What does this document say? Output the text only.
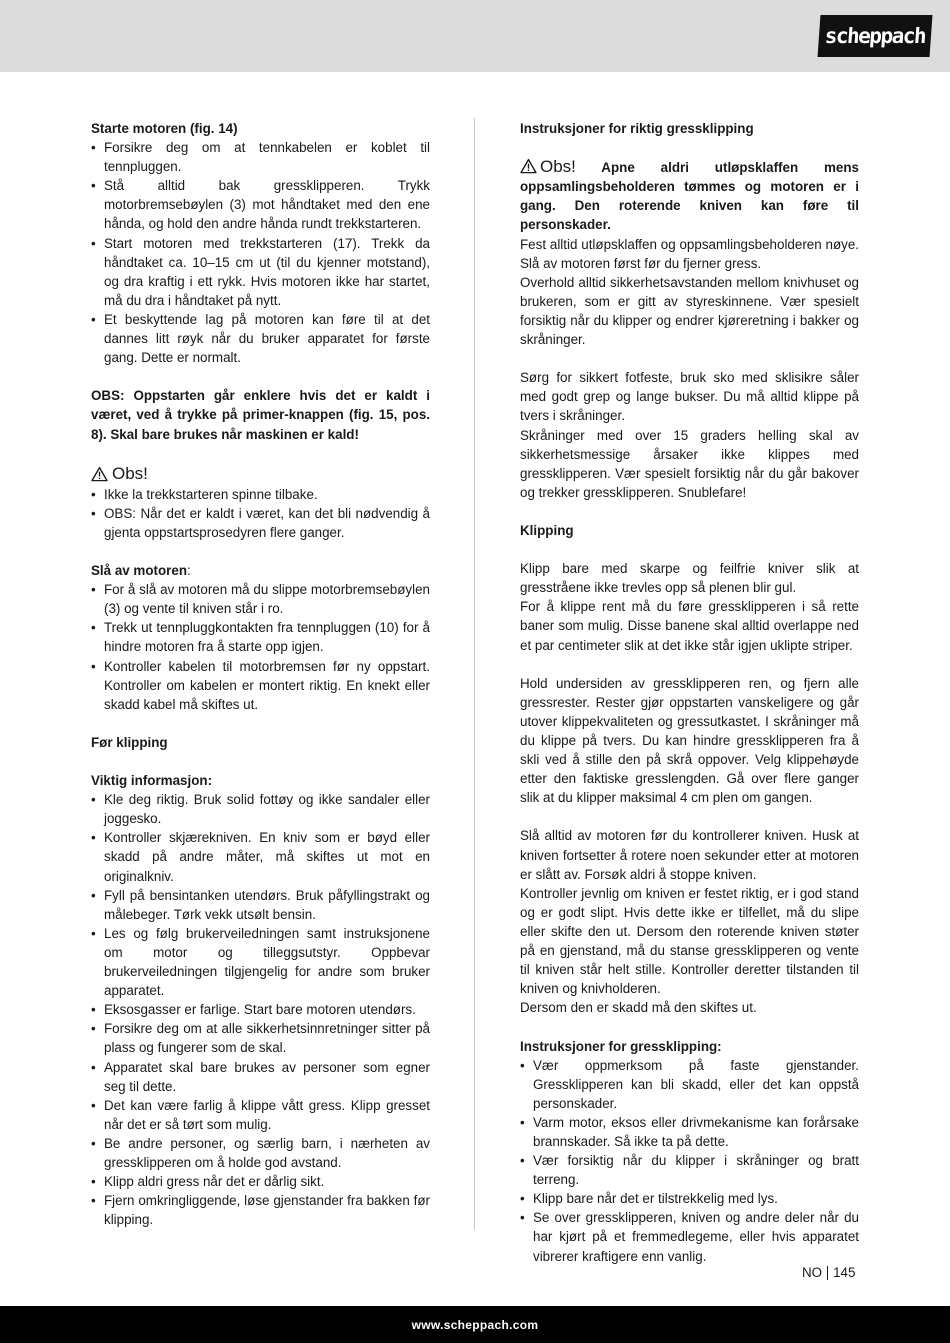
scheppach

Starte motoren (fig. 14)

• Forsikre deg om at tennkabelen er koblet til tennpluggen.
• Stå alltid bak gressklipperen. Trykk motorbremsebøylen (3) mot håndtaket med den ene hånda, og hold den andre hånda rundt trekkstarteren.
• Start motoren med trekkstarteren (17). Trekk da håndtaket ca. 10–15 cm ut (til du kjenner motstand), og dra kraftig i ett rykk. Hvis motoren ikke har startet, må du dra i håndtaket på nytt.
• Et beskyttende lag på motoren kan føre til at det dannes litt røyk når du bruker apparatet for første gang. Dette er normalt.

OBS: Oppstarten går enklere hvis det er kaldt i været, ved å trykke på primer-knappen (fig. 15, pos. 8). Skal bare brukes når maskinen er kald!

Obs!
• Ikke la trekkstarteren spinne tilbake.
• OBS: Når det er kaldt i været, kan det bli nødvendig å gjenta oppstartsprosedyren flere ganger.

Slå av motoren:

• For å slå av motoren må du slippe motorbremsebøylen (3) og vente til kniven står i ro.
• Trekk ut tennpluggkontakten fra tennpluggen (10) for å hindre motoren fra å starte opp igjen.
• Kontroller kabelen til motorbremsen før ny oppstart. Kontroller om kabelen er montert riktig. En knekt eller skadd kabel må skiftes ut.

Før klipping

Viktig informasjon:

• Kle deg riktig. Bruk solid fottøy og ikke sandaler eller joggesko.
• Kontroller skjærekniven. En kniv som er bøyd eller skadd på andre måter, må skiftes ut mot en originalkniv.
• Fyll på bensintanken utendørs. Bruk påfyllingstrakt og målebeger. Tørk vekk utsølt bensin.
• Les og følg brukerveiledningen samt instruksjonene om motor og tilleggsutstyr. Oppbevar brukerveiledningen tilgjengelig for andre som bruker apparatet.
• Eksosgasser er farlige. Start bare motoren utendørs.
• Forsikre deg om at alle sikkerhetsinnretninger sitter på plass og fungerer som de skal.
• Apparatet skal bare brukes av personer som egner seg til dette.
• Det kan være farlig å klippe vått gress. Klipp gresset når det er så tørt som mulig.
• Be andre personer, og særlig barn, i nærheten av gressklipperen om å holde god avstand.
• Klipp aldri gress når det er dårlig sikt.
• Fjern omkringliggende, løse gjenstander fra bakken før klipping.

Instruksjoner for riktig gressklipping

Obs! Apne aldri utløpsklaffen mens oppsamlingsbeholderen tømmes og motoren er i gang. Den roterende kniven kan føre til personskader.

Fest alltid utløpsklaffen og oppsamlingsbeholderen nøye. Slå av motoren først før du fjerner gress.

Overhold alltid sikkerhetsavstanden mellom knivhuset og brukeren, som er gitt av styreskinnene. Vær spesielt forsiktig når du klipper og endrer kjøreretning i bakker og skråninger.

Sørg for sikkert fotfeste, bruk sko med sklisikre såler med godt grep og lange bukser. Du må alltid klippe på tvers i skråninger.

Skråninger med over 15 graders helling skal av sikkerhetsmessige årsaker ikke klippes med gressklipperen. Vær spesielt forsiktig når du går bakover og trekker gressklipperen. Snublefare!

Klipping

Klipp bare med skarpe og feilfrie kniver slik at gresstråene ikke trevles opp så plenen blir gul.

For å klippe rent må du føre gressklipperen i så rette baner som mulig. Disse banene skal alltid overlappe ned et par centimeter slik at det ikke står igjen uklipte striper.

Hold undersiden av gressklipperen ren, og fjern alle gressrester. Rester gjør oppstarten vanskeligere og går utover klippekvaliteten og gressutkastet. I skråninger må du klippe på tvers. Du kan hindre gressklipperen fra å skli ved å stille den på skrå oppover. Velg klippehøyde etter den faktiske gresslengden. Gå over flere ganger slik at du klipper maksimal 4 cm plen om gangen.

Slå alltid av motoren før du kontrollerer kniven. Husk at kniven fortsetter å rotere noen sekunder etter at motoren er slått av. Forsøk aldri å stoppe kniven.

Kontroller jevnlig om kniven er festet riktig, er i god stand og er godt slipt. Hvis dette ikke er tilfellet, må du slipe eller skifte den ut. Dersom den roterende kniven støter på en gjenstand, må du stanse gressklipperen og vente til kniven står helt stille. Kontroller deretter tilstanden til kniven og knivholderen.

Dersom den er skadd må den skiftes ut.

Instruksjoner for gressklipping:

• Vær oppmerksom på faste gjenstander. Gressklipperen kan bli skadd, eller det kan oppstå personskader.
• Varm motor, eksos eller drivmekanisme kan forårsake brannskader. Så ikke ta på dette.
• Vær forsiktig når du klipper i skråninger og bratt terreng.
• Klipp bare når det er tilstrekkelig med lys.
• Se over gressklipperen, kniven og andre deler når du har kjørt på et fremmedlegeme, eller hvis apparatet vibrerer kraftigere enn vanlig.
NO 145
www.scheppach.com
